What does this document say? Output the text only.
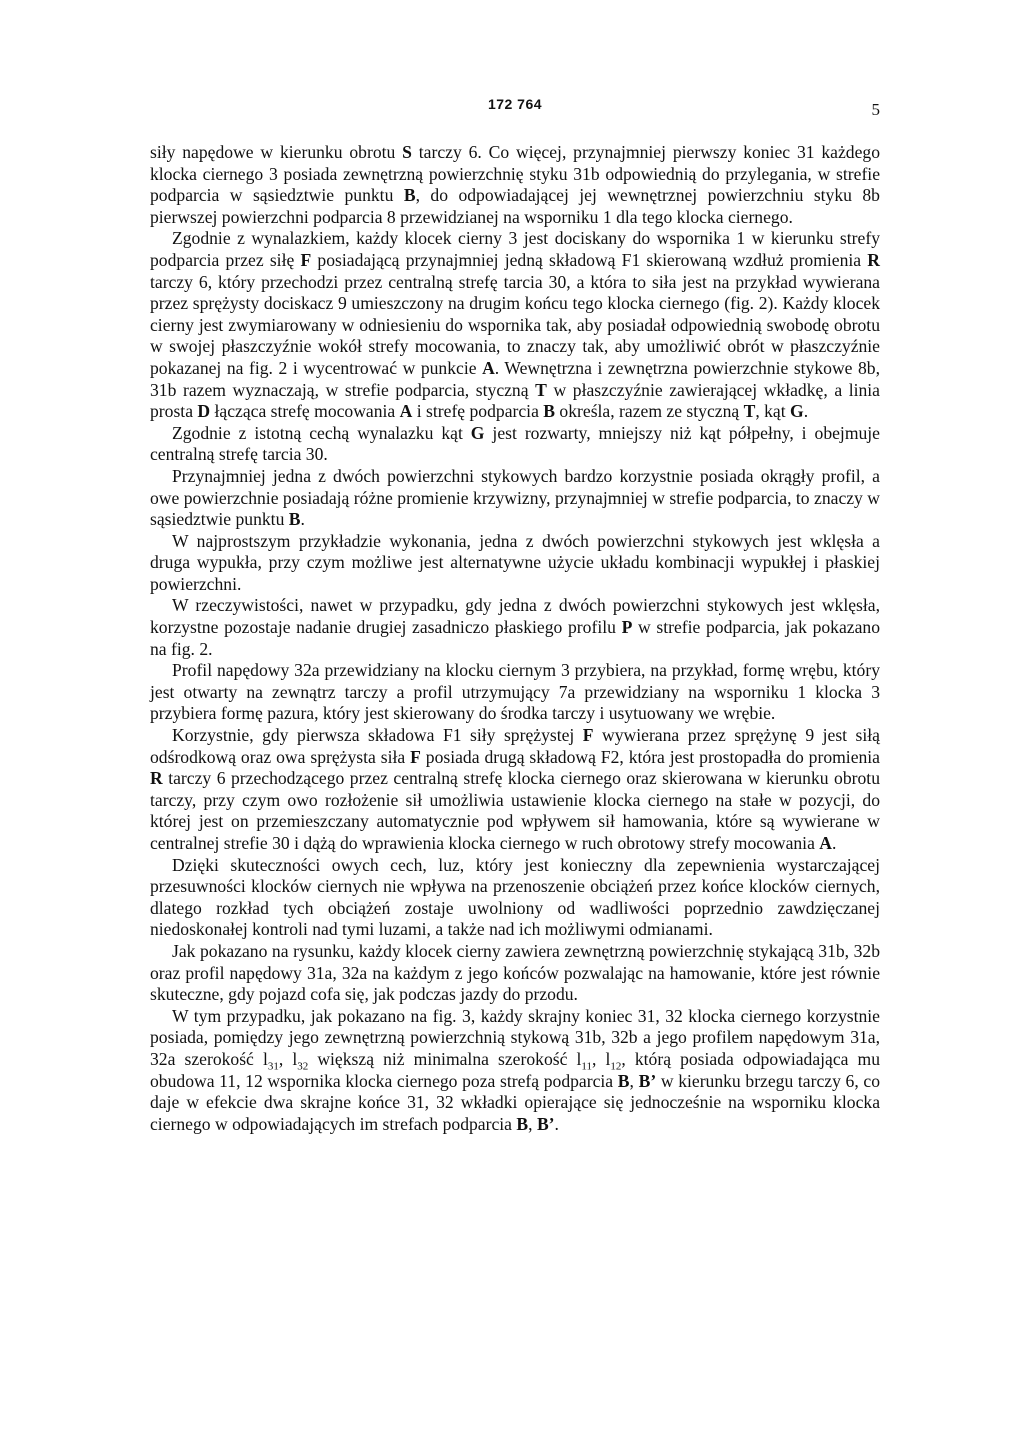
172 764	5

siły napędowe w kierunku obrotu S tarczy 6. Co więcej, przynajmniej pierwszy koniec 31 każdego klocka ciernego 3 posiada zewnętrzną powierzchnię styku 31b odpowiednią do przylegania, w strefie podparcia w sąsiedztwie punktu B, do odpowiadającej jej wewnętrznej powierzchniu styku 8b pierwszej powierzchni podparcia 8 przewidzianej na wsporniku 1 dla tego klocka ciernego.

Zgodnie z wynalazkiem, każdy klocek cierny 3 jest dociskany do wspornika 1 w kierunku strefy podparcia przez siłę F posiadającą przynajmniej jedną składową F1 skierowaną wzdłuż promienia R tarczy 6, który przechodzi przez centralną strefę tarcia 30, a która to siła jest na przykład wywierana przez sprężysty dociskacz 9 umieszczony na drugim końcu tego klocka ciernego (fig. 2). Każdy klocek cierny jest zwymiarowany w odniesieniu do wspornika tak, aby posiadał odpowiednią swobodę obrotu w swojej płaszczyźnie wokół strefy mocowania, to znaczy tak, aby umożliwić obrót w płaszczyźnie pokazanej na fig. 2 i wycentrować w punkcie A. Wewnętrzna i zewnętrzna powierzchnie stykowe 8b, 31b razem wyznaczają, w strefie podparcia, styczną T w płaszczyźnie zawierającej wkładkę, a linia prosta D łącząca strefę mocowania A i strefę podparcia B określa, razem ze styczną T, kąt G.

Zgodnie z istotną cechą wynalazku kąt G jest rozwarty, mniejszy niż kąt półpełny, i obejmuje centralną strefę tarcia 30.

Przynajmniej jedna z dwóch powierzchni stykowych bardzo korzystnie posiada okrągły profil, a owe powierzchnie posiadają różne promienie krzywizny, przynajmniej w strefie podparcia, to znaczy w sąsiedztwie punktu B.

W najprostszym przykładzie wykonania, jedna z dwóch powierzchni stykowych jest wklęsła a druga wypukła, przy czym możliwe jest alternatywne użycie układu kombinacji wypukłej i płaskiej powierzchni.

W rzeczywistości, nawet w przypadku, gdy jedna z dwóch powierzchni stykowych jest wklęsła, korzystne pozostaje nadanie drugiej zasadniczo płaskiego profilu P w strefie podparcia, jak pokazano na fig. 2.

Profil napędowy 32a przewidziany na klocku ciernym 3 przybiera, na przykład, formę wrębu, który jest otwarty na zewnątrz tarczy a profil utrzymujący 7a przewidziany na wsporniku 1 klocka 3 przybiera formę pazura, który jest skierowany do środka tarczy i usytuowany we wrębie.

Korzystnie, gdy pierwsza składowa F1 siły sprężystej F wywierana przez sprężynę 9 jest siłą odśrodkową oraz owa sprężysta siła F posiada drugą składową F2, która jest prostopadła do promienia R tarczy 6 przechodzącego przez centralną strefę klocka ciernego oraz skierowana w kierunku obrotu tarczy, przy czym owo rozłożenie sił umożliwia ustawienie klocka ciernego na stałe w pozycji, do której jest on przemieszczany automatycznie pod wpływem sił hamowania, które są wywierane w centralnej strefie 30 i dążą do wprawienia klocka ciernego w ruch obrotowy strefy mocowania A.

Dzięki skuteczności owych cech, luz, który jest konieczny dla zepewnienia wystarczającej przesuwności klocków ciernych nie wpływa na przenoszenie obciążeń przez końce klocków ciernych, dlatego rozkład tych obciążeń zostaje uwolniony od wadliwości poprzednio zawdzięczanej niedoskonałej kontroli nad tymi luzami, a także nad ich możliwymi odmianami.

Jak pokazano na rysunku, każdy klocek cierny zawiera zewnętrzną powierzchnię stykającą 31b, 32b oraz profil napędowy 31a, 32a na każdym z jego końców pozwalając na hamowanie, które jest równie skuteczne, gdy pojazd cofa się, jak podczas jazdy do przodu.

W tym przypadku, jak pokazano na fig. 3, każdy skrajny koniec 31, 32 klocka ciernego korzystnie posiada, pomiędzy jego zewnętrzną powierzchnią stykową 31b, 32b a jego profilem napędowym 31a, 32a szerokość $l_{31}$, $l_{32}$ większą niż minimalna szerokość $l_{11}$, $l_{12}$, którą posiada odpowiadająca mu obudowa 11, 12 wspornika klocka ciernego poza strefą podparcia B, B’ w kierunku brzegu tarczy 6, co daje w efekcie dwa skrajne końce 31, 32 wkładki opierające się jednocześnie na wsporniku klocka ciernego w odpowiadających im strefach podparcia B, B’.
